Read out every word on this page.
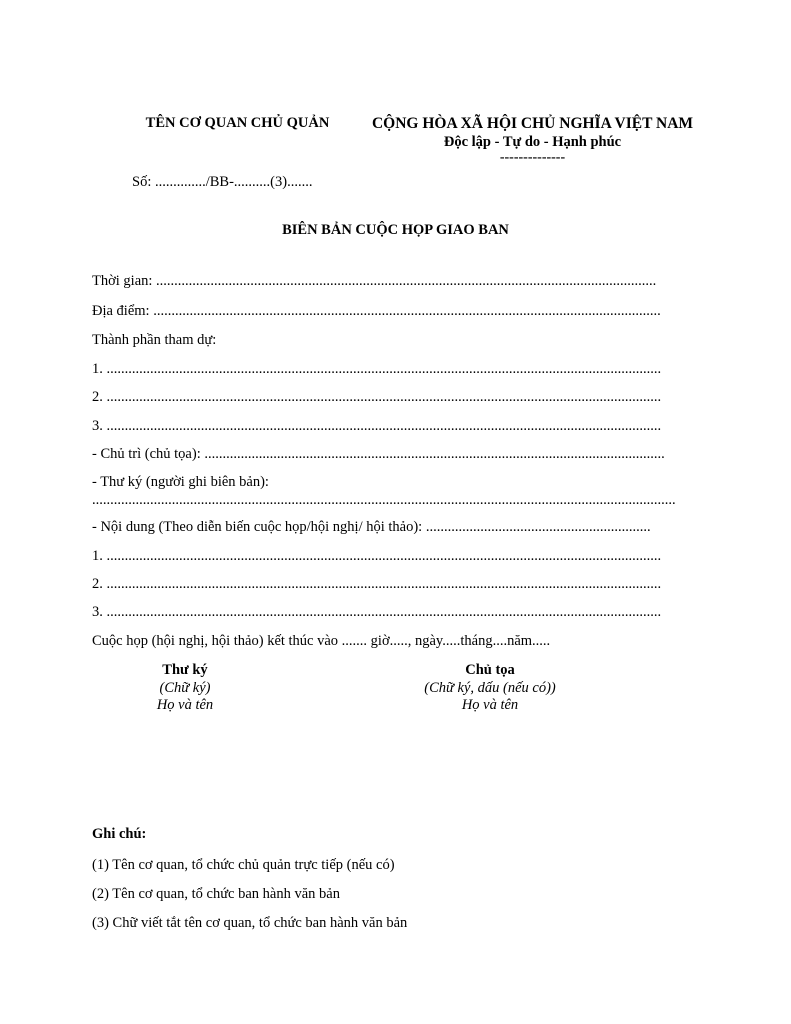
TÊN CƠ QUAN CHỦ QUẢN	CỘNG HÒA XÃ HỘI CHỦ NGHĨA VIỆT NAM
Độc lập - Tự do - Hạnh phúc
--------------
Số: ............../BB-..........(3).......
BIÊN BẢN CUỘC HỌP GIAO BAN
Thời gian: ..........................................................................................................................................
Địa điểm: ............................................................................................................................................
Thành phần tham dự:
1. .........................................................................................................................................................
2. .........................................................................................................................................................
3. .........................................................................................................................................................
- Chủ trì (chủ tọa): ...............................................................................................................................
- Thư ký (người ghi biên bản):
.................................................................................................................................................................
- Nội dung (Theo diễn biến cuộc họp/hội nghị/ hội thảo): ..............................................................
1. .........................................................................................................................................................
2. .........................................................................................................................................................
3. .........................................................................................................................................................
Cuộc họp (hội nghị, hội thảo) kết thúc vào ....... giờ....., ngày.....tháng....năm.....
Thư ký
(Chữ ký)
Họ và tên
Chủ tọa
(Chữ ký, dấu (nếu có))
Họ và tên
Ghi chú:
(1) Tên cơ quan, tổ chức chủ quản trực tiếp (nếu có)
(2) Tên cơ quan, tổ chức ban hành văn bản
(3) Chữ viết tắt tên cơ quan, tổ chức ban hành văn bản
